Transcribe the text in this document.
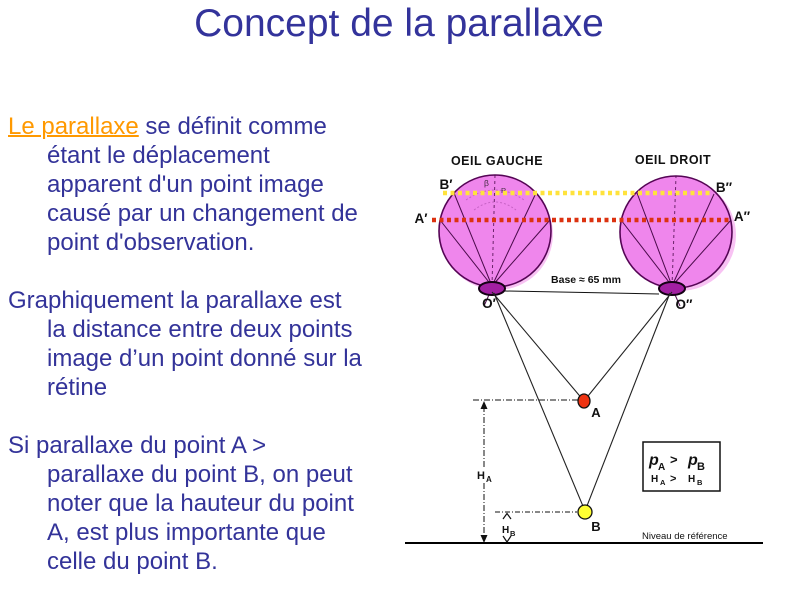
Concept de la parallaxe
Le parallaxe se définit comme
étant le déplacement
apparent d'un point image
causé par un changement de
point d'observation.
Graphiquement la parallaxe est
la distance entre deux points
image d’un point donné sur la
rétine
Si parallaxe du point A >
parallaxe du point B, on peut
noter que la hauteur du point
A, est plus importante que
celle du point B.
OEIL GAUCHE	OEIL DROIT
β
P
Base ≈ 65 mm
B′
A′
B″
A″
O′	O″
H A
A
B
H B	Niveau de référence
p A
> p B
H A > H B
